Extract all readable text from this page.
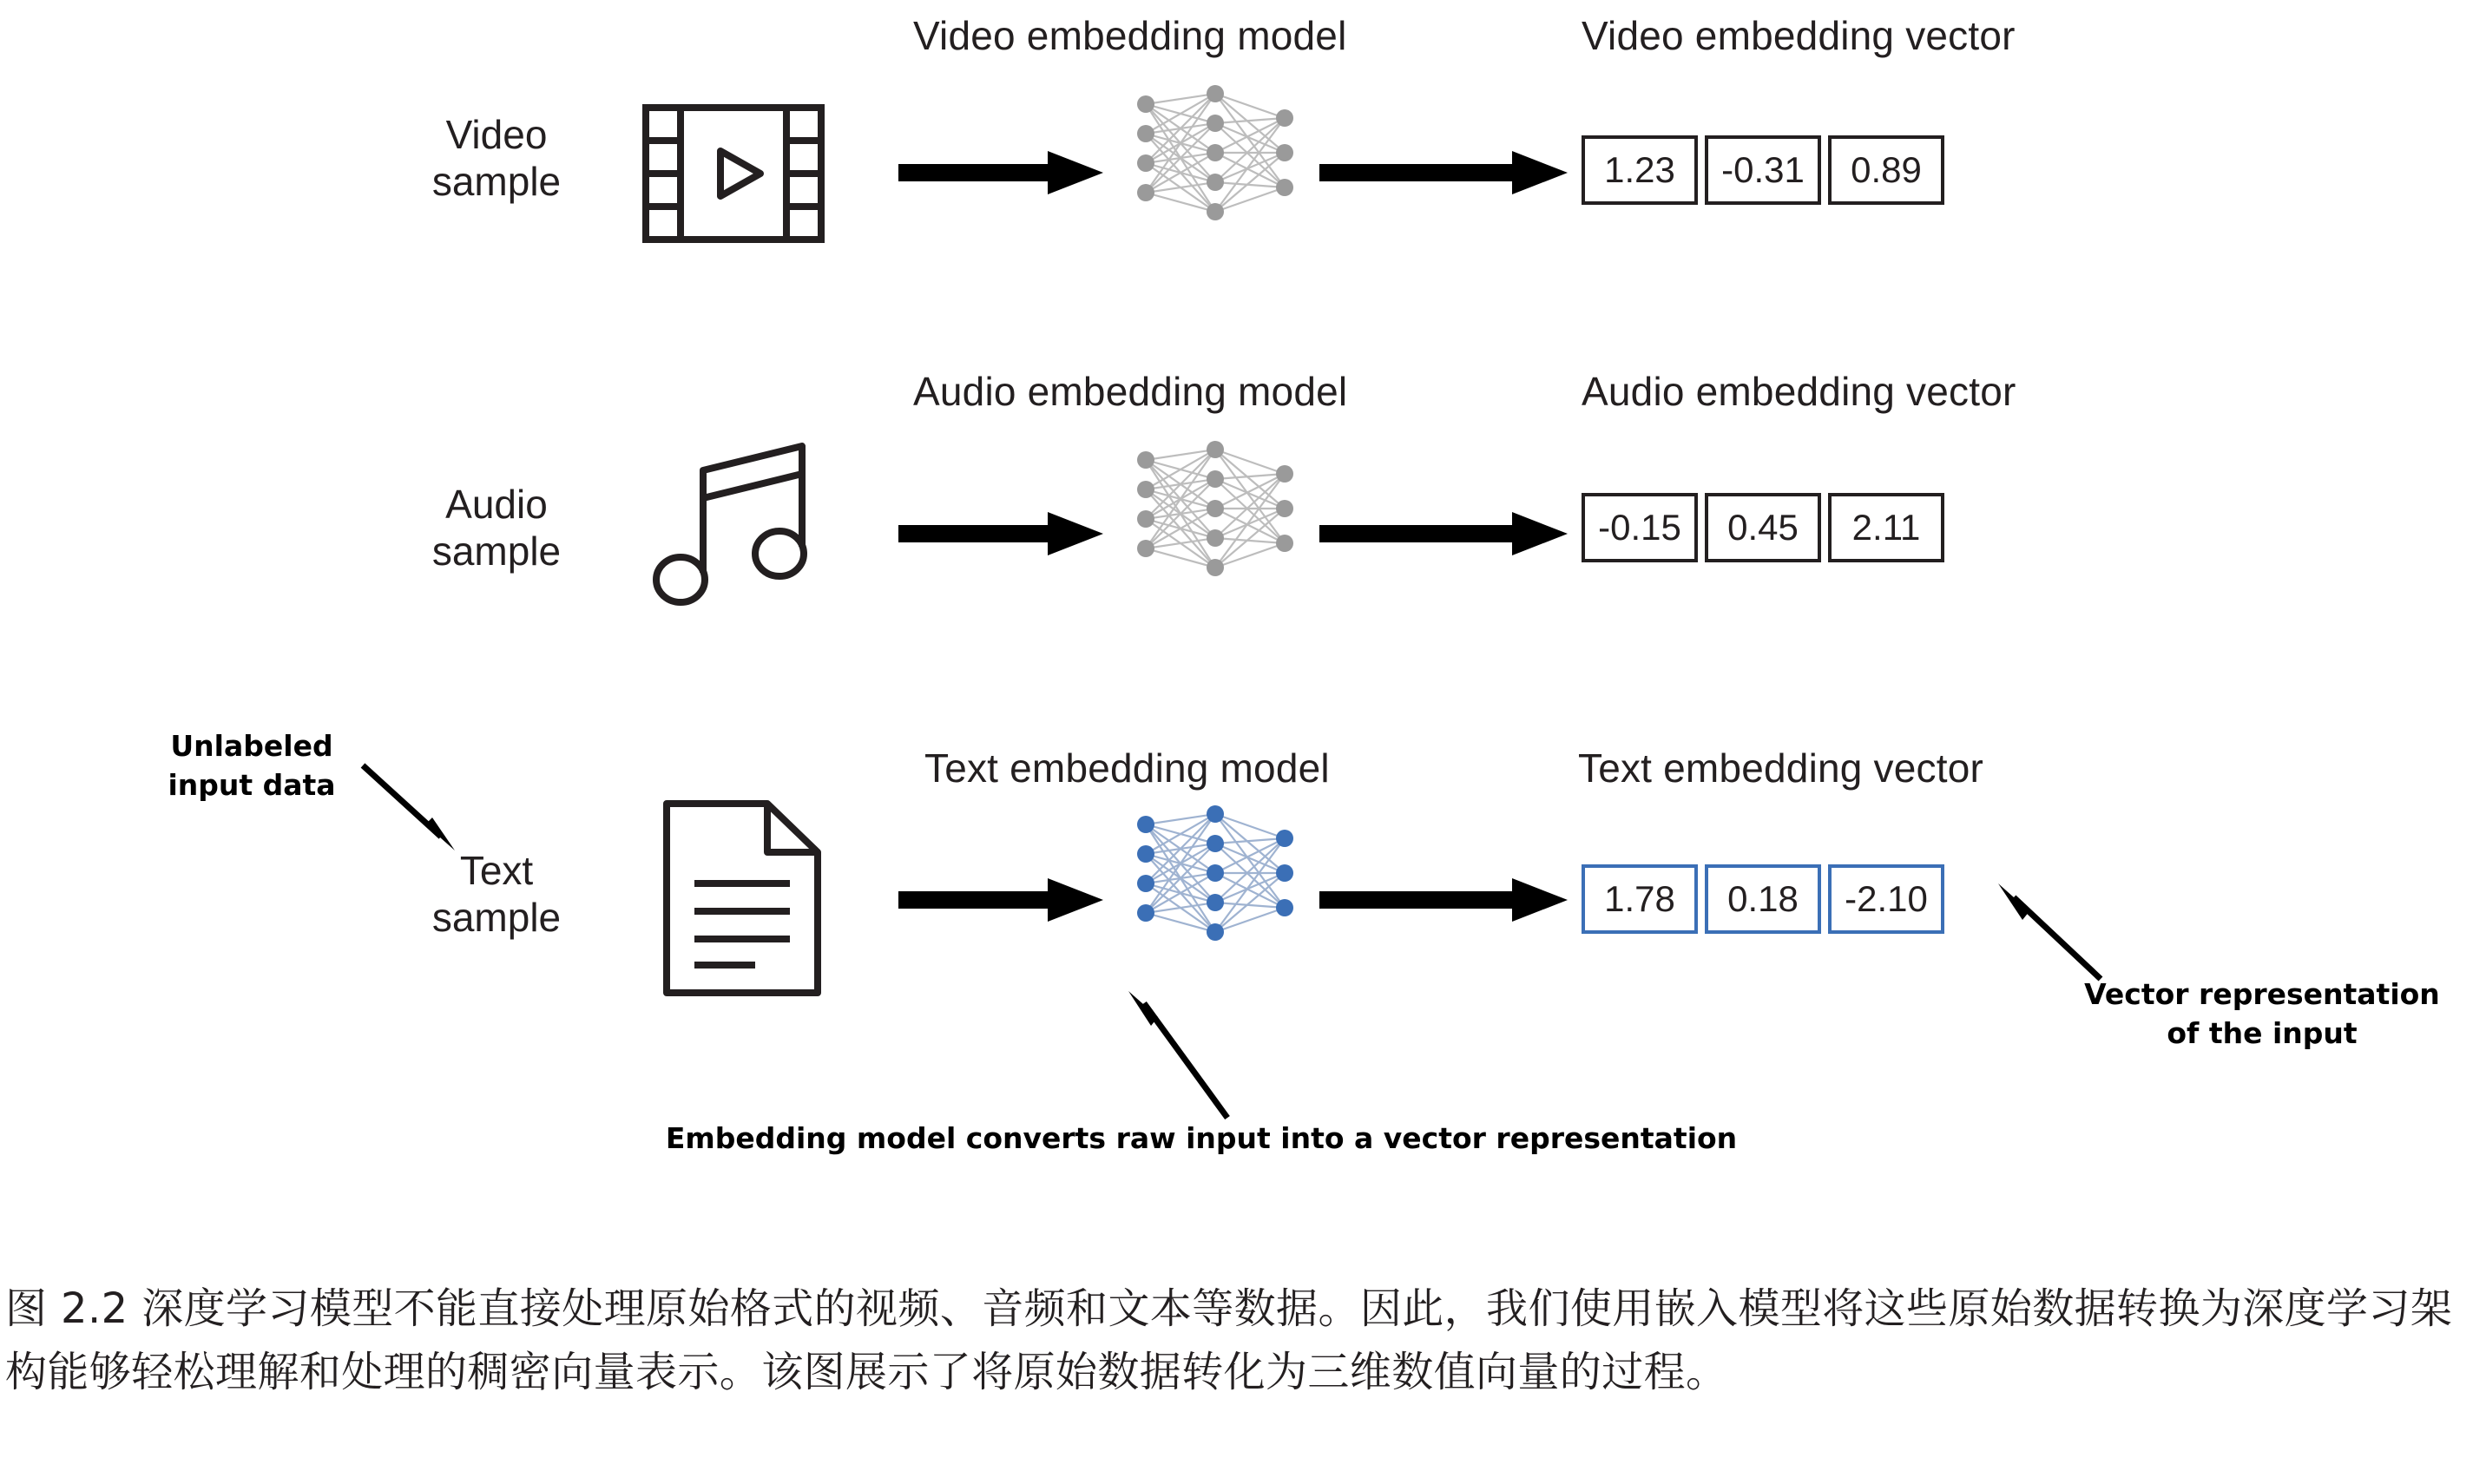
Video embedding model	Video embedding vector
Video
sample	1.23	-0.31	0.89
Audio embedding model	Audio embedding vector
Audio
sample
-0.15	0.45	2.11
Text embedding model	Text embedding vector
Text
sample
Unlabeled
input data
1.78	0.18	-2.10
Vector representation
of the input
Embedding model converts raw input into a vector representation
图 2.2 深度学习模型不能直接处理原始格式的视频、音频和文本等数据。因此，我们使用嵌入模型将这些原始数据转换为深度学习架构能够轻松理解和处理的稠密向量表示。该图展示了将原始数据转化为三维数值向量的过程。
